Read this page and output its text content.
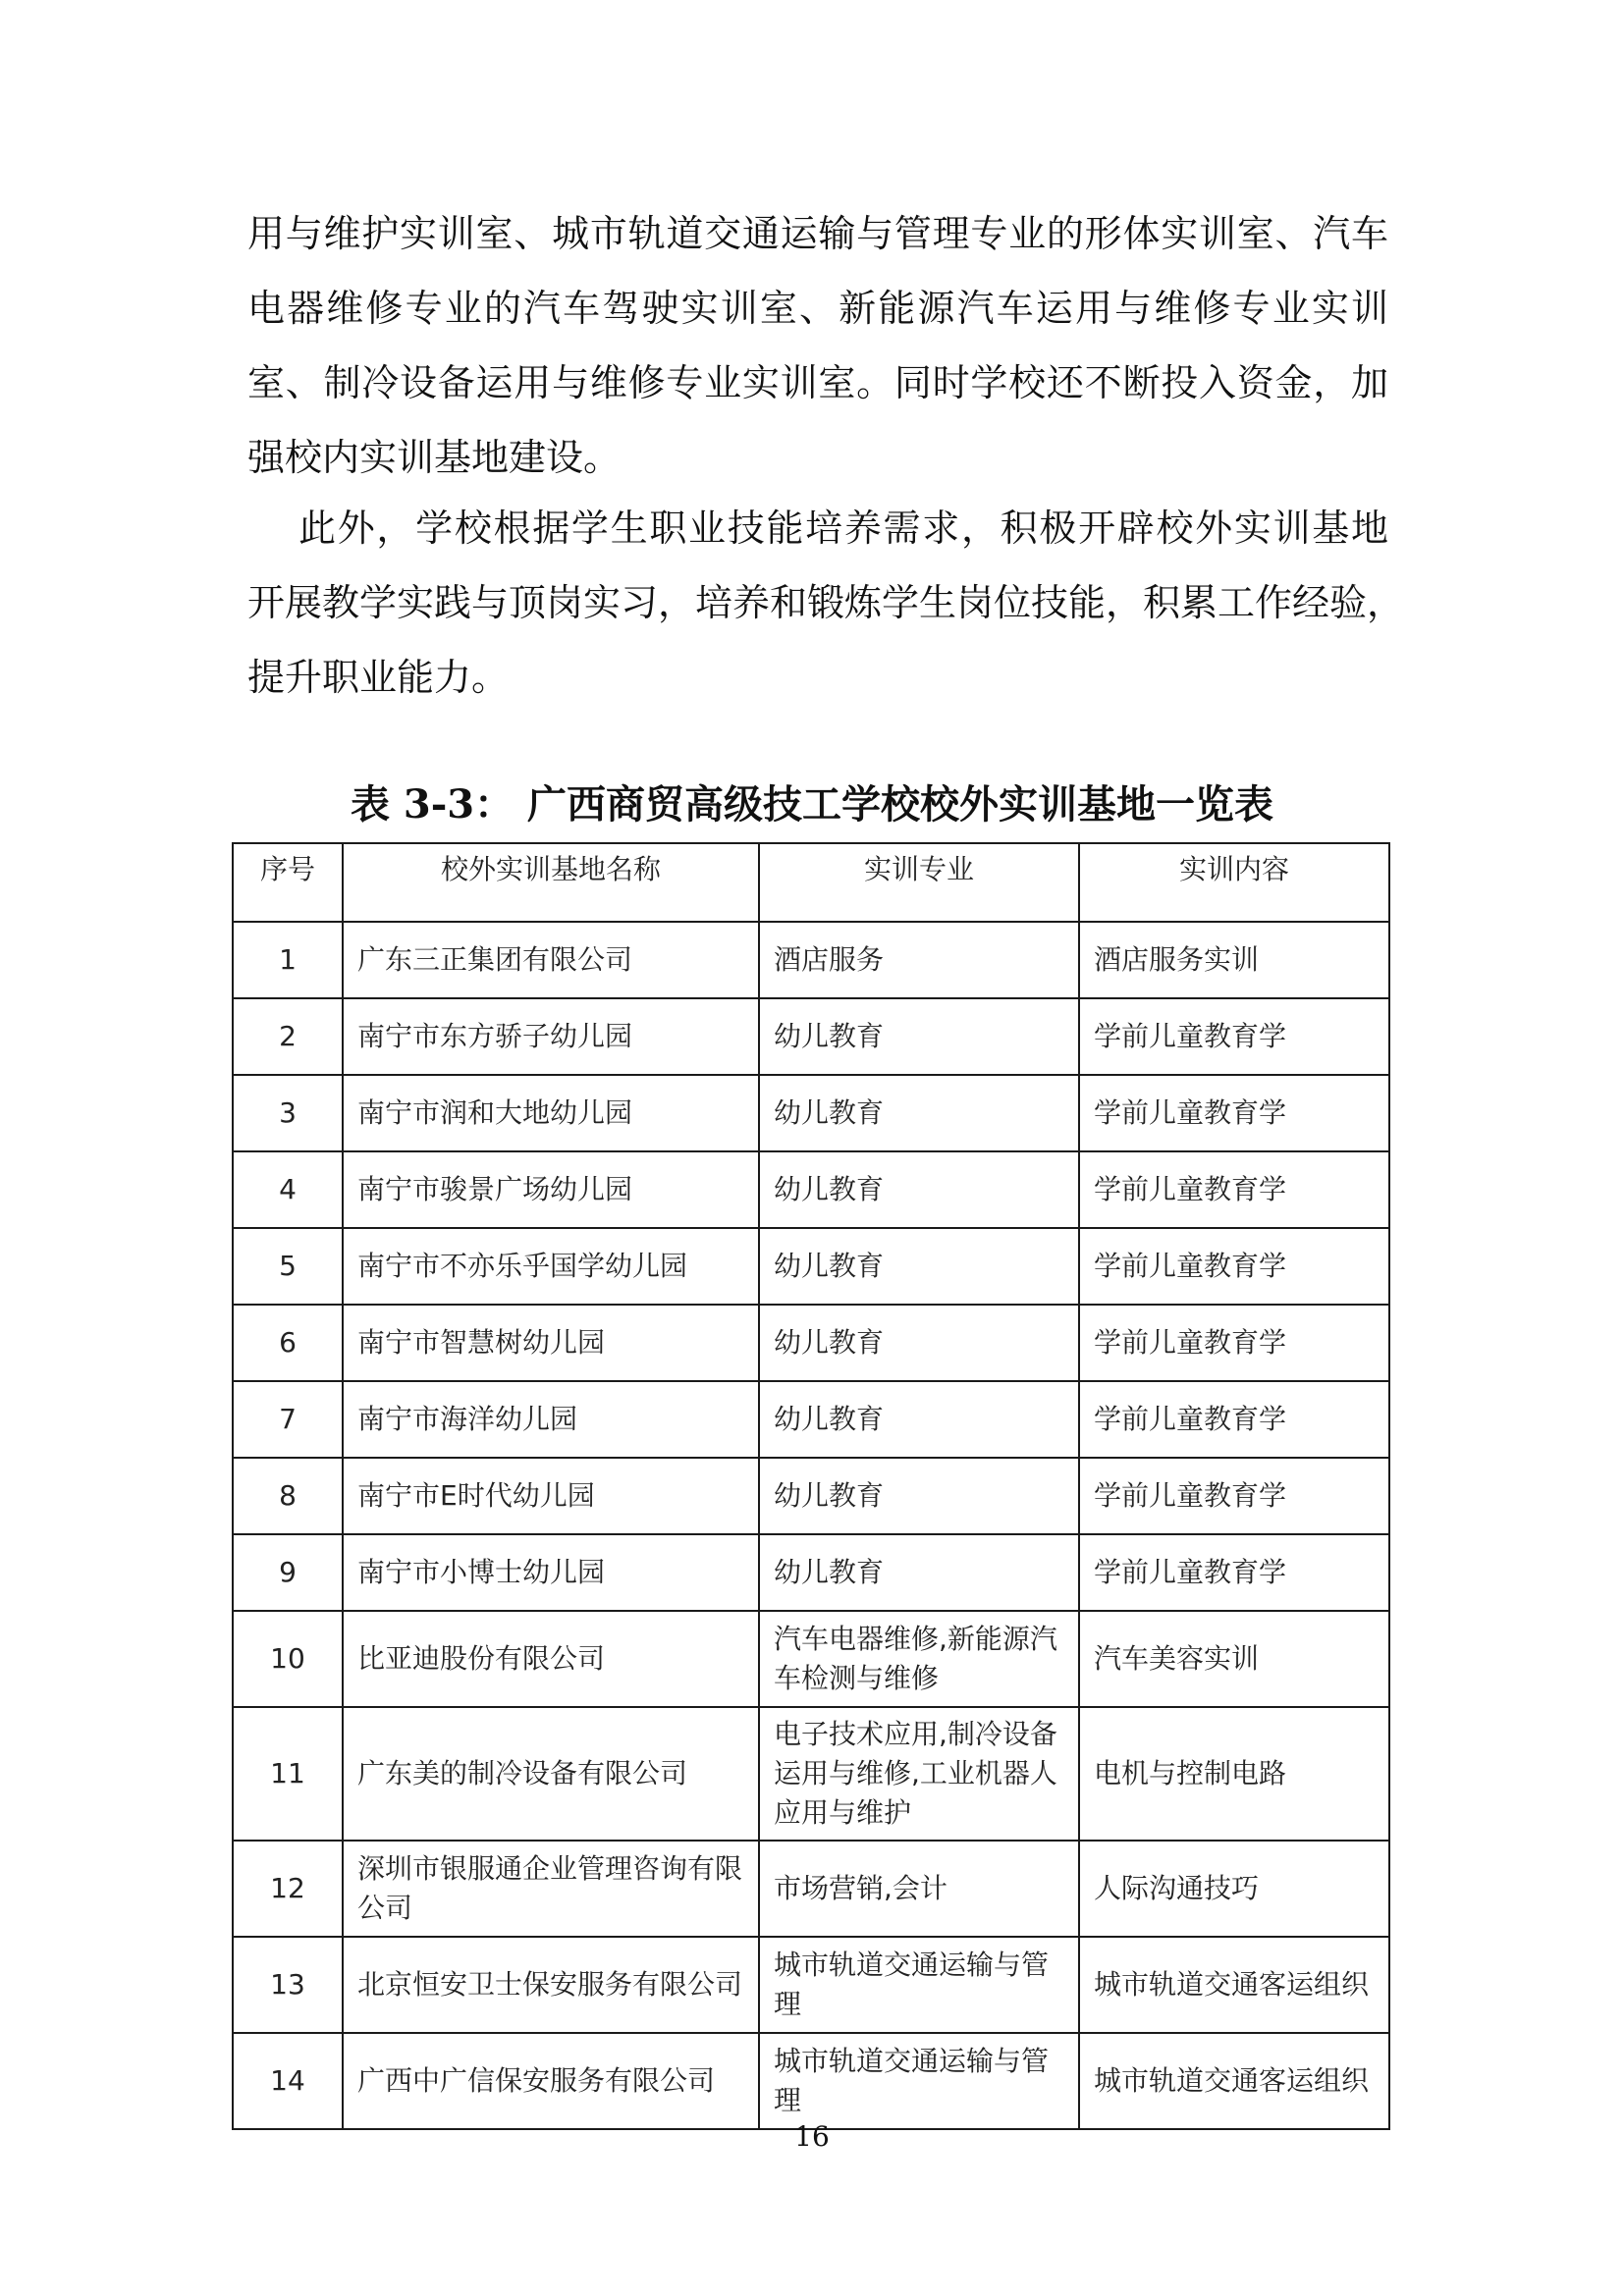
用与维护实训室、城市轨道交通运输与管理专业的形体实训室、汽车
电器维修专业的汽车驾驶实训室、新能源汽车运用与维修专业实训
室、制冷设备运用与维修专业实训室。同时学校还不断投入资金，加
强校内实训基地建设。
此外，学校根据学生职业技能培养需求，积极开辟校外实训基地
开展教学实践与顶岗实习，培养和锻炼学生岗位技能，积累工作经验，
提升职业能力。
表 3-3： 广西商贸高级技工学校校外实训基地一览表
序号	校外实训基地名称	实训专业	实训内容
1	广东三正集团有限公司	酒店服务	酒店服务实训
2	南宁市东方骄子幼儿园	幼儿教育	学前儿童教育学
3	南宁市润和大地幼儿园	幼儿教育	学前儿童教育学
4	南宁市骏景广场幼儿园	幼儿教育	学前儿童教育学
5	南宁市不亦乐乎国学幼儿园	幼儿教育	学前儿童教育学
6	南宁市智慧树幼儿园	幼儿教育	学前儿童教育学
7	南宁市海洋幼儿园	幼儿教育	学前儿童教育学
8	南宁市E时代幼儿园	幼儿教育	学前儿童教育学
9	南宁市小博士幼儿园	幼儿教育	学前儿童教育学
10	比亚迪股份有限公司	汽车电器维修,新能源汽车检测与维修	汽车美容实训
11	广东美的制冷设备有限公司	电子技术应用,制冷设备运用与维修,工业机器人应用与维护	电机与控制电路
12	深圳市银服通企业管理咨询有限公司	市场营销,会计	人际沟通技巧
13	北京恒安卫士保安服务有限公司	城市轨道交通运输与管理	城市轨道交通客运组织
14	广西中广信保安服务有限公司	城市轨道交通运输与管理	城市轨道交通客运组织
16
